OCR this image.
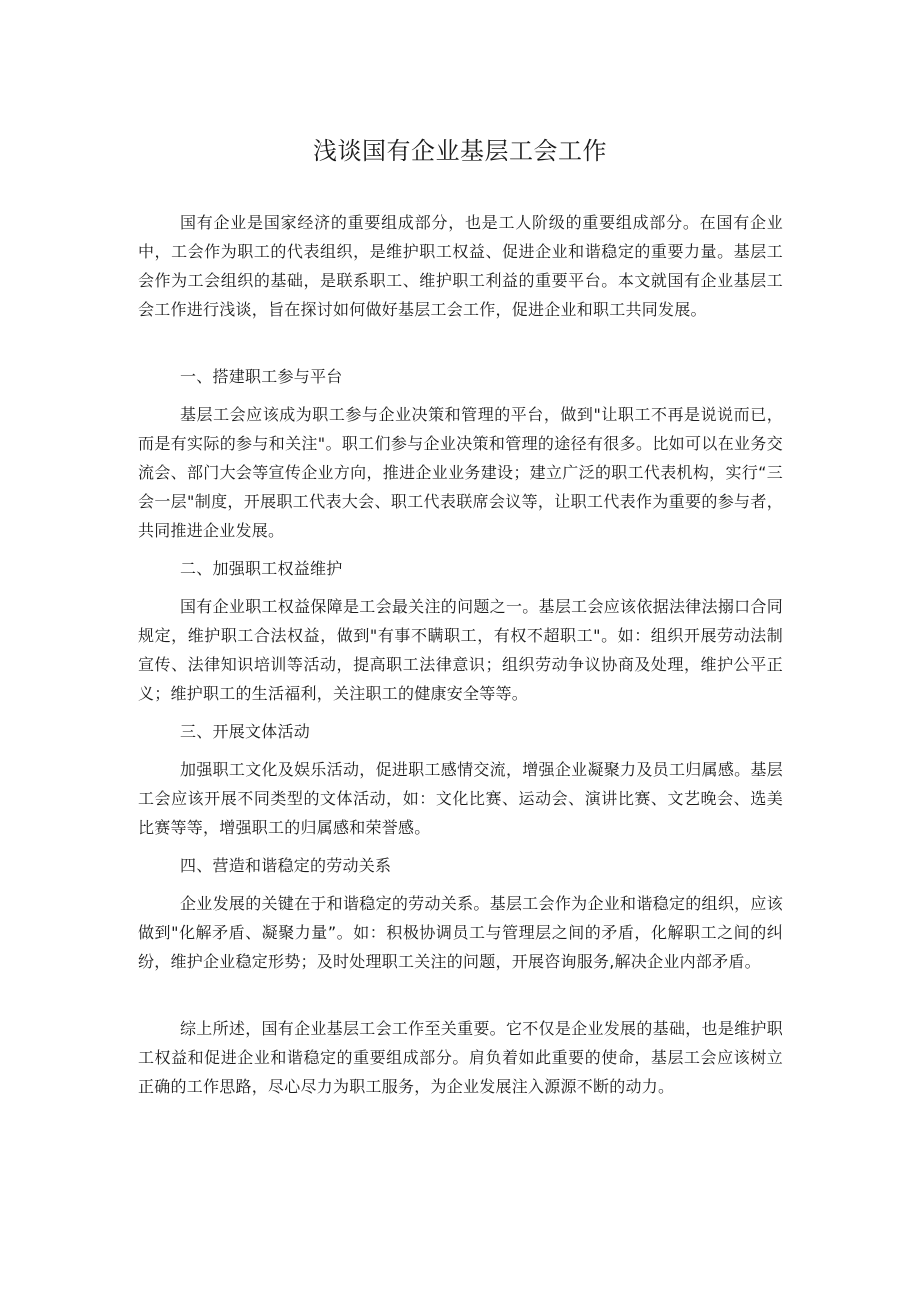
浅谈国有企业基层工会工作

国有企业是国家经济的重要组成部分，也是工人阶级的重要组成部分。在国有企业中，工会作为职工的代表组织，是维护职工权益、促进企业和谐稳定的重要力量。基层工会作为工会组织的基础，是联系职工、维护职工利益的重要平台。本文就国有企业基层工会工作进行浅谈，旨在探讨如何做好基层工会工作，促进企业和职工共同发展。

一、搭建职工参与平台

基层工会应该成为职工参与企业决策和管理的平台，做到"让职工不再是说说而已，而是有实际的参与和关注"。职工们参与企业决策和管理的途径有很多。比如可以在业务交流会、部门大会等宣传企业方向，推进企业业务建设；建立广泛的职工代表机构，实行“三会一层"制度，开展职工代表大会、职工代表联席会议等，让职工代表作为重要的参与者，共同推进企业发展。

二、加强职工权益维护

国有企业职工权益保障是工会最关注的问题之一。基层工会应该依据法律法搦口合同规定，维护职工合法权益，做到"有事不瞒职工，有权不超职工"。如：组织开展劳动法制宣传、法律知识培训等活动，提高职工法律意识；组织劳动争议协商及处理，维护公平正义；维护职工的生活福利，关注职工的健康安全等等。

三、开展文体活动

加强职工文化及娱乐活动，促进职工感情交流，增强企业凝聚力及员工归属感。基层工会应该开展不同类型的文体活动，如：文化比赛、运动会、演讲比赛、文艺晚会、选美比赛等等，增强职工的归属感和荣誉感。

四、营造和谐稳定的劳动关系

企业发展的关键在于和谐稳定的劳动关系。基层工会作为企业和谐稳定的组织，应该做到"化解矛盾、凝聚力量”。如：积极协调员工与管理层之间的矛盾，化解职工之间的纠纷，维护企业稳定形势；及时处理职工关注的问题，开展咨询服务,解决企业内部矛盾。

综上所述，国有企业基层工会工作至关重要。它不仅是企业发展的基础，也是维护职工权益和促进企业和谐稳定的重要组成部分。肩负着如此重要的使命，基层工会应该树立正确的工作思路，尽心尽力为职工服务，为企业发展注入源源不断的动力。
